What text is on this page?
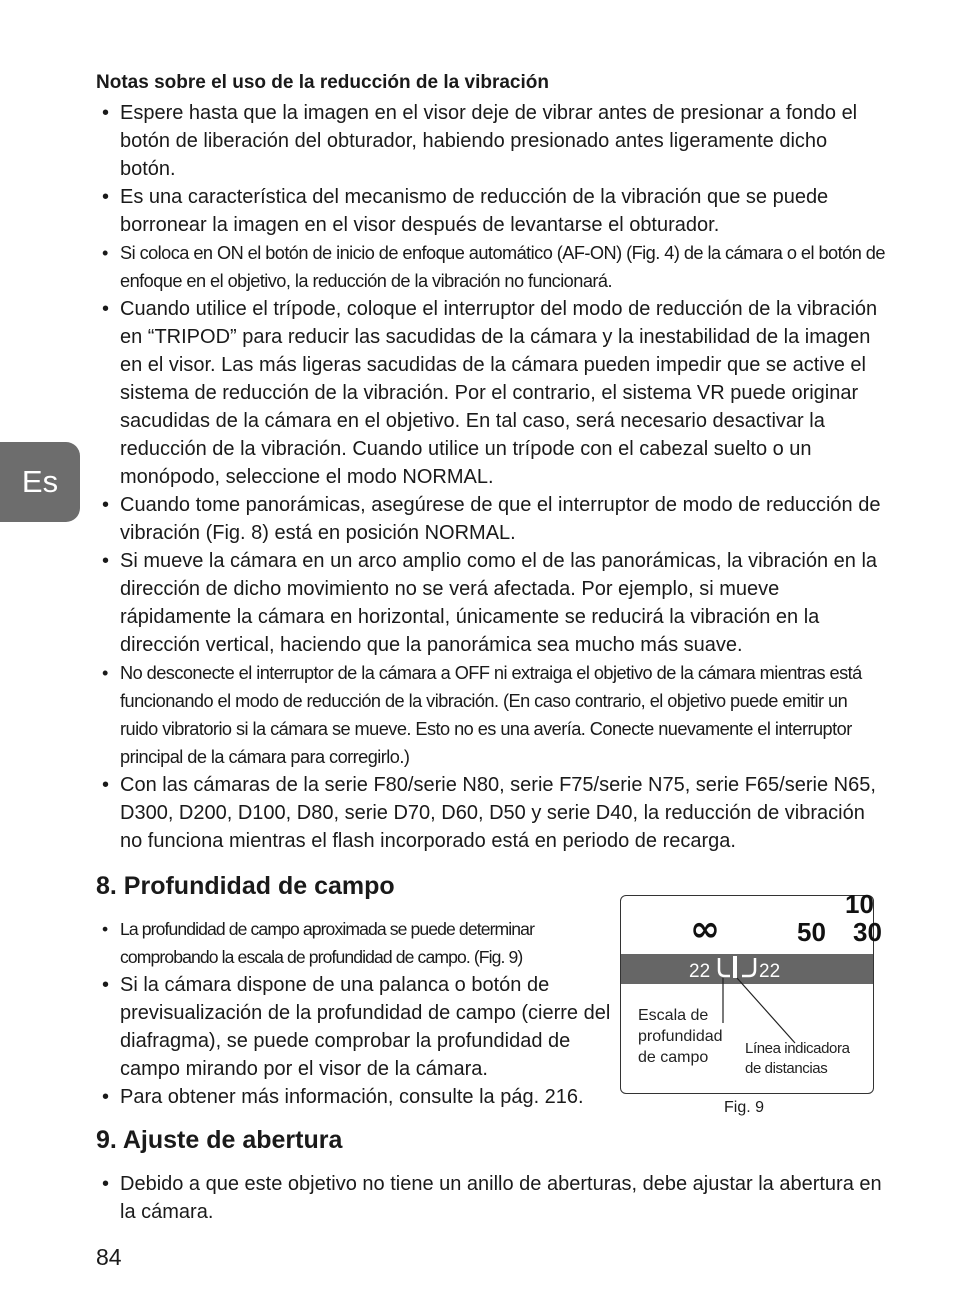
Es
Notas sobre el uso de la reducción de la vibración
• Espere hasta que la imagen en el visor deje de vibrar antes de presionar a fondo el botón de liberación del obturador, habiendo presionado antes ligeramente dicho botón.
• Es una característica del mecanismo de reducción de la vibración que se puede borronear la imagen en el visor después de levantarse el obturador.
• Si coloca en ON el botón de inicio de enfoque automático (AF-ON) (Fig. 4) de la cámara o el botón de enfoque en el objetivo, la reducción de la vibración no funcionará.
• Cuando utilice el trípode, coloque el interruptor del modo de reducción de la vibración en “TRIPOD” para reducir las sacudidas de la cámara y la inestabilidad de la imagen en el visor. Las más ligeras sacudidas de la cámara pueden impedir que se active el sistema de reducción de la vibración. Por el contrario, el sistema VR puede originar sacudidas de la cámara en el objetivo. En tal caso, será necesario desactivar la reducción de la vibración. Cuando utilice un trípode con el cabezal suelto o un monópodo, seleccione el modo NORMAL.
• Cuando tome panorámicas, asegúrese de que el interruptor de modo de reducción de vibración (Fig. 8) está en posición NORMAL.
• Si mueve la cámara en un arco amplio como el de las panorámicas, la vibración en la dirección de dicho movimiento no se verá afectada. Por ejemplo, si mueve rápidamente la cámara en horizontal, únicamente se reducirá la vibración en la dirección vertical, haciendo que la panorámica sea mucho más suave.
• No desconecte el interruptor de la cámara a OFF ni extraiga el objetivo de la cámara mientras está funcionando el modo de reducción de la vibración. (En caso contrario, el objetivo puede emitir un ruido vibratorio si la cámara se mueve. Esto no es una avería. Conecte nuevamente el interruptor principal de la cámara para corregirlo.)
• Con las cámaras de la serie F80/serie N80, serie F75/serie N75, serie F65/serie N65, D300, D200, D100, D80, serie D70, D60, D50 y serie D40, la reducción de vibración no funciona mientras el flash incorporado está en periodo de recarga.
8. Profundidad de campo
• La profundidad de campo aproximada se puede determinar comprobando la escala de profundidad de campo. (Fig. 9)
• Si la cámara dispone de una palanca o botón de previsualización de la profundidad de campo (cierre del diafragma), se puede comprobar la profundidad de campo mirando por el visor de la cámara.
• Para obtener más información, consulte la pág. 216.
∞	50 30
10
22	22
Escala de
profundidad
de campo
Línea indicadora
de distancias
Fig. 9
9. Ajuste de abertura
• Debido a que este objetivo no tiene un anillo de aberturas, debe ajustar la abertura en la cámara.
84
